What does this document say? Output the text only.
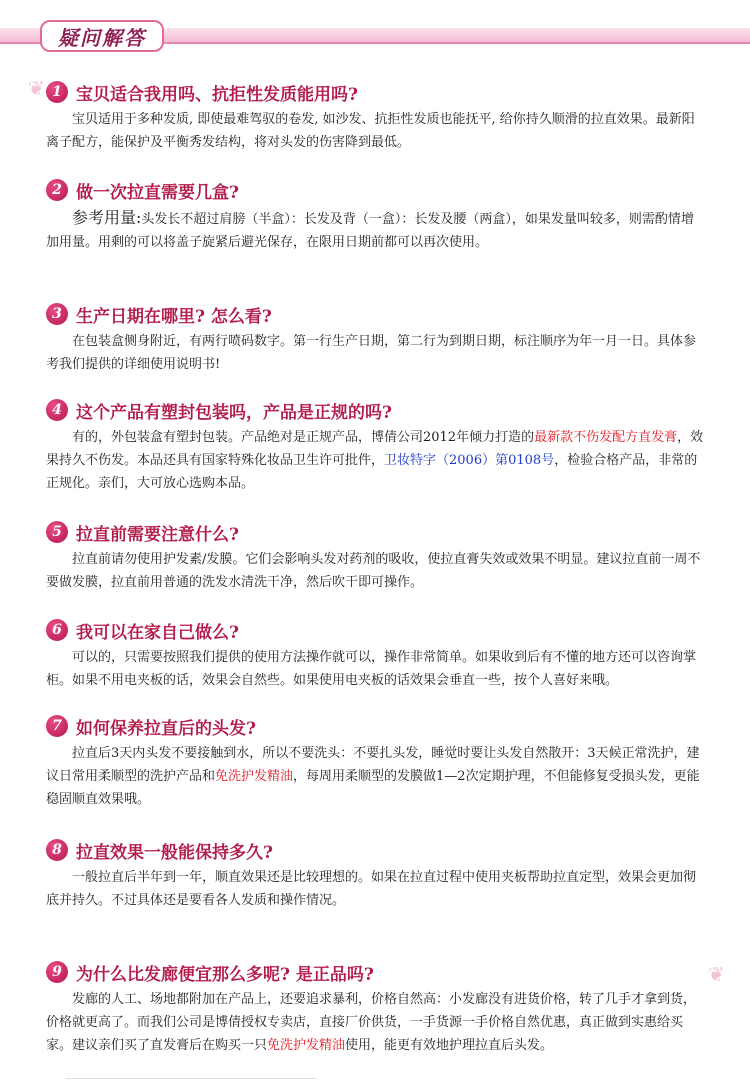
疑问解答
❦
❦
1 宝贝适合我用吗、抗拒性发质能用吗?
宝贝适用于多种发质, 即使最难驾驭的卷发, 如沙发、抗拒性发质也能抚平, 给你持久顺滑的拉直效果。最新阳离子配方，能保护及平衡秀发结构，将对头发的伤害降到最低。
2 做一次拉直需要几盒?
参考用量:头发长不超过肩膀（半盒）：长发及背（一盒）：长发及腰（两盒），如果发量叫较多，则需酌情增加用量。用剩的可以将盖子旋紧后避光保存，在限用日期前都可以再次使用。
3 生产日期在哪里? 怎么看?
在包装盒侧身附近，有两行喷码数字。第一行生产日期，第二行为到期日期，标注顺序为年一月一日。具体参考我们提供的详细使用说明书!
4 这个产品有塑封包装吗，产品是正规的吗?
有的，外包装盒有塑封包装。产品绝对是正规产品，博倩公司2012年倾力打造的最新款不伤发配方直发膏，效果持久不伤发。本品还具有国家特殊化妆品卫生许可批件，卫妆特字（2006）第0108号，检验合格产品，非常的正规化。亲们，大可放心选购本品。
5 拉直前需要注意什么?
拉直前请勿使用护发素/发膜。它们会影响头发对药剂的吸收，使拉直膏失效或效果不明显。建议拉直前一周不要做发膜，拉直前用普通的洗发水清洗干净，然后吹干即可操作。
6 我可以在家自己做么?
可以的，只需要按照我们提供的使用方法操作就可以，操作非常简单。如果收到后有不懂的地方还可以咨询掌柜。如果不用电夹板的话，效果会自然些。如果使用电夹板的话效果会垂直一些，按个人喜好来哦。
7 如何保养拉直后的头发?
拉直后3天内头发不要接触到水，所以不要洗头：不要扎头发，睡觉时要让头发自然散开：3天候正常洗护，建议日常用柔顺型的洗护产品和免洗护发精油，每周用柔顺型的发膜做1—2次定期护理，不但能修复受损头发，更能稳固顺直效果哦。
8 拉直效果一般能保持多久?
一般拉直后半年到一年，顺直效果还是比较理想的。如果在拉直过程中使用夹板帮助拉直定型，效果会更加彻底并持久。不过具体还是要看各人发质和操作情况。
9 为什么比发廊便宜那么多呢? 是正品吗?
发廊的人工、场地都附加在产品上，还要追求暴利，价格自然高：小发廊没有进货价格，转了几手才拿到货，价格就更高了。而我们公司是博倩授权专卖店，直接厂价供货，一手货源一手价格自然优惠，真正做到实惠给买家。建议亲们买了直发膏后在购买一只免洗护发精油使用，能更有效地护理拉直后头发。
